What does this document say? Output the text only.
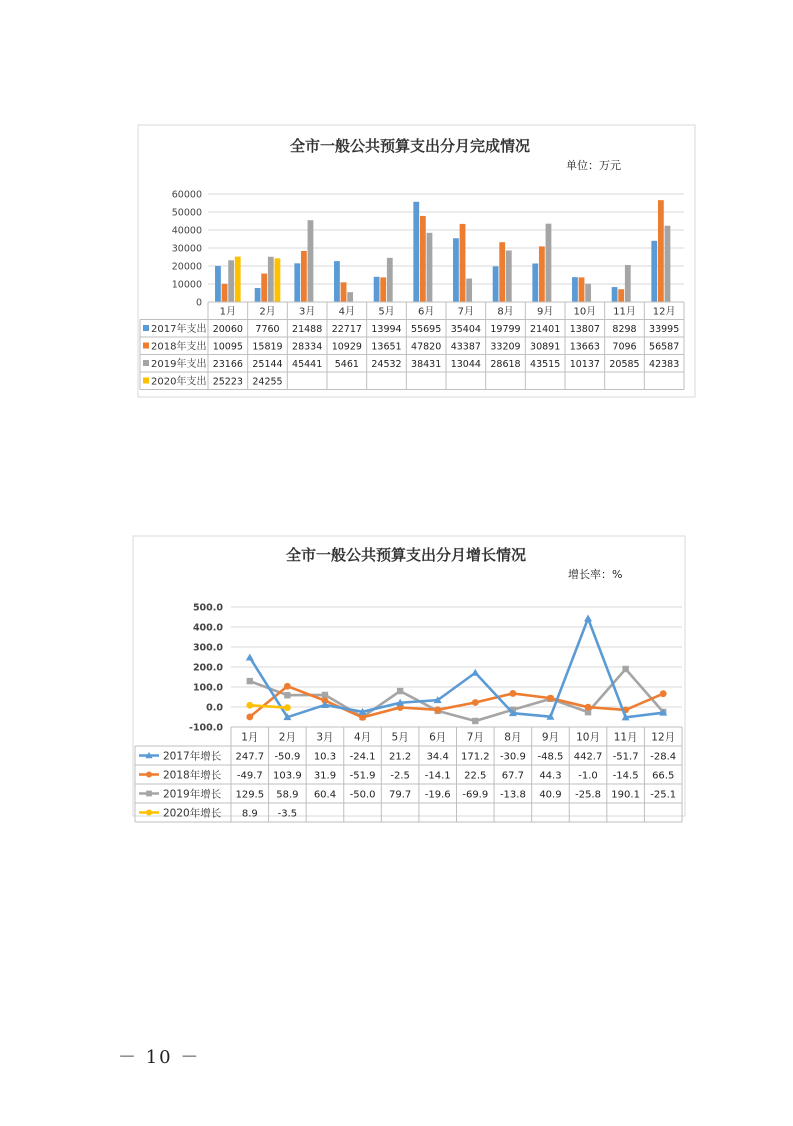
全市一般公共预算支出分月完成情况
单位：万元
0
10000
20000
30000
40000
50000
60000
1月 2月 3月 4月 5月 6月 7月 8月 9月 10月 11月 12月
2017年支出 20060 7760 21488 22717 13994 55695 35404 19799 21401 13807 8298 33995
2018年支出 10095 15819 28334 10929 13651 47820 43387 33209 30891 13663 7096 56587
2019年支出 23166 25144 45441 5461 24532 38431 13044 28618 43515 10137 20585 42383
2020年支出 25223 24255
全市一般公共预算支出分月增长情况
增长率：%
-100.0
0.0
100.0
200.0
300.0
400.0
500.0
1月 2月 3月 4月 5月 6月 7月 8月 9月 10月 11月 12月
2017年增长 247.7 -50.9 10.3 -24.1 21.2 34.4 171.2 -30.9 -48.5 442.7 -51.7 -28.4
2018年增长 -49.7 103.9 31.9 -51.9 -2.5 -14.1 22.5 67.7 44.3 -1.0 -14.5 66.5
2019年增长 129.5 58.9 60.4 -50.0 79.7 -19.6 -69.9 -13.8 40.9 -25.8 190.1 -25.1
2020年增长 8.9 -3.5
－ 10 －
